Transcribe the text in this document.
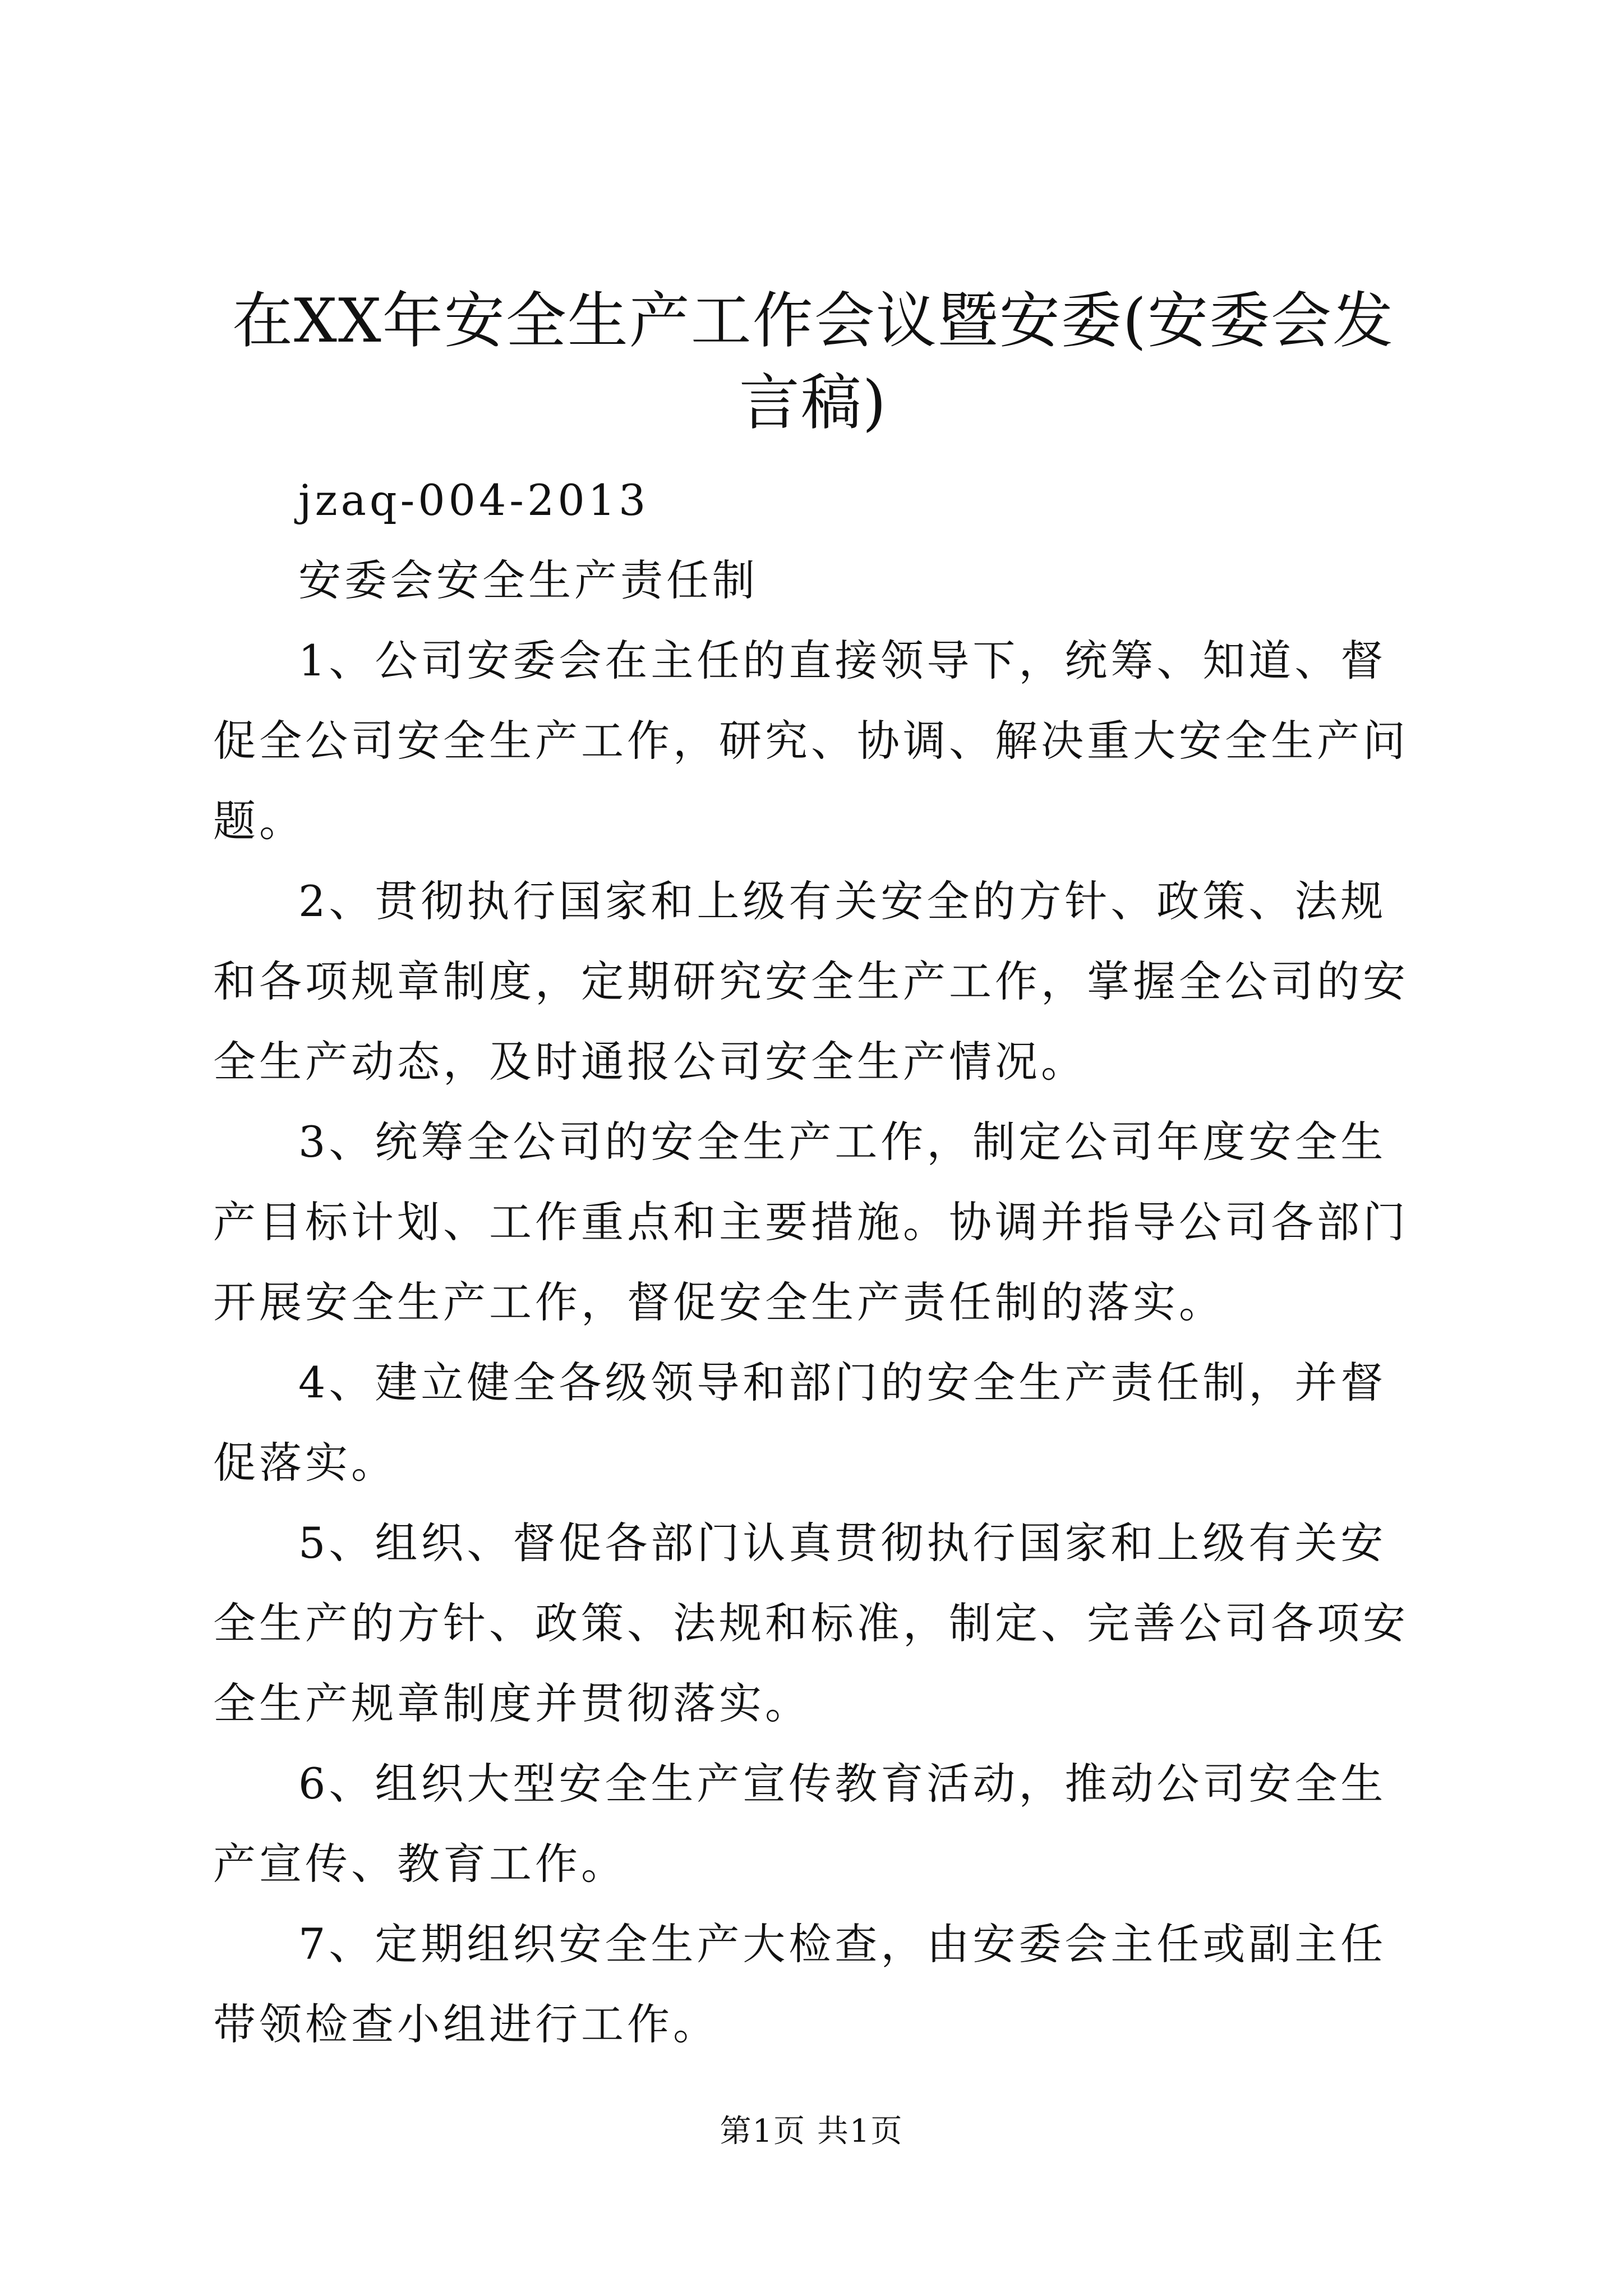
在XX年安全生产工作会议暨安委(安委会发言稿)

jzaq-004-2013

安委会安全生产责任制

1、公司安委会在主任的直接领导下，统筹、知道、督促全公司安全生产工作，研究、协调、解决重大安全生产问题。

2、贯彻执行国家和上级有关安全的方针、政策、法规和各项规章制度，定期研究安全生产工作，掌握全公司的安全生产动态，及时通报公司安全生产情况。

3、统筹全公司的安全生产工作，制定公司年度安全生产目标计划、工作重点和主要措施。协调并指导公司各部门开展安全生产工作，督促安全生产责任制的落实。

4、建立健全各级领导和部门的安全生产责任制，并督促落实。

5、组织、督促各部门认真贯彻执行国家和上级有关安全生产的方针、政策、法规和标准，制定、完善公司各项安全生产规章制度并贯彻落实。

6、组织大型安全生产宣传教育活动，推动公司安全生产宣传、教育工作。

7、定期组织安全生产大检查，由安委会主任或副主任带领检查小组进行工作。

第1页 共1页
